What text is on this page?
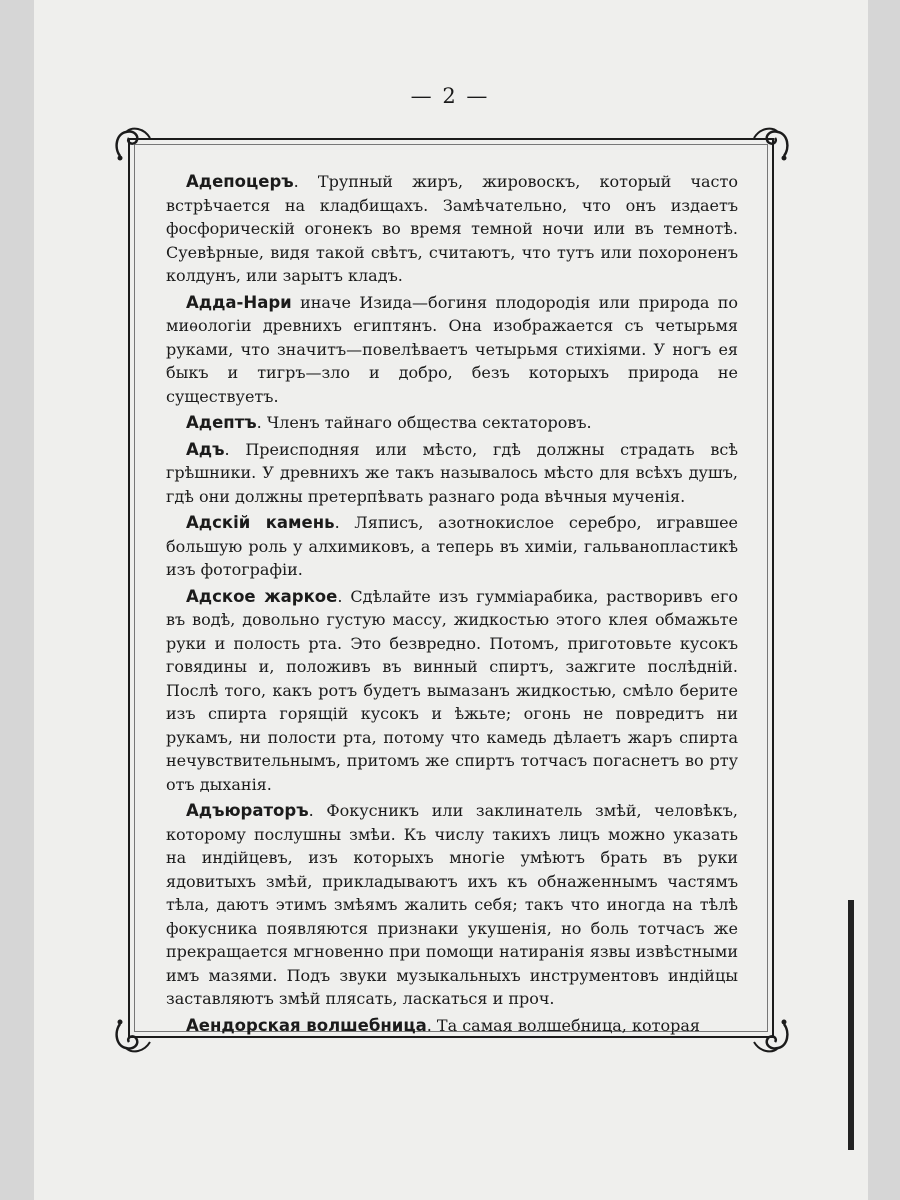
— 2 —

Адепоцеръ. Трупный жиръ, жировоскъ, который часто встрѣчается на кладбищахъ. Замѣчательно, что онъ издаетъ фосфорическій огонекъ во время темной ночи или въ темнотѣ. Суевѣрные, видя такой свѣтъ, считаютъ, что тутъ или похороненъ колдунъ, или зарытъ кладъ.

Адда-Нари иначе Изида—богиня плодородія или природа по миѳологіи древнихъ египтянъ. Она изображается съ четырьмя руками, что значитъ—повелѣваетъ четырьмя стихіями. У ногъ ея быкъ и тигръ—зло и добро, безъ которыхъ природа не существуетъ.

Адептъ. Членъ тайнаго общества сектаторовъ.

Адъ. Преисподняя или мѣсто, гдѣ должны страдать всѣ грѣшники. У древнихъ же такъ называлось мѣсто для всѣхъ душъ, гдѣ они должны претерпѣвать разнаго рода вѣчныя мученія.

Адскій камень. Ляписъ, азотнокислое серебро, игравшее большую роль у алхимиковъ, а теперь въ химіи, гальванопластикѣ изъ фотографіи.

Адское жаркое. Сдѣлайте изъ гумміарабика, растворивъ его въ водѣ, довольно густую массу, жидкостью этого клея обмажьте руки и полость рта. Это безвредно. Потомъ, приготовьте кусокъ говядины и, положивъ въ винный спиртъ, зажгите послѣдній. Послѣ того, какъ ротъ будетъ вымазанъ жидкостью, смѣло берите изъ спирта горящій кусокъ и ѣжьте; огонь не повредитъ ни рукамъ, ни полости рта, потому что камедь дѣлаетъ жаръ спирта нечувствительнымъ, притомъ же спиртъ тотчасъ погаснетъ во рту отъ дыханія.

Адъюраторъ. Фокусникъ или заклинатель змѣй, человѣкъ, которому послушны змѣи. Къ числу такихъ лицъ можно указать на индійцевъ, изъ которыхъ многіе умѣютъ брать въ руки ядовитыхъ змѣй, прикладываютъ ихъ къ обнаженнымъ частямъ тѣла, даютъ этимъ змѣямъ жалить себя; такъ что иногда на тѣлѣ фокусника появляются признаки укушенія, но боль тотчасъ же прекращается мгновенно при помощи натиранія язвы извѣстными имъ мазями. Подъ звуки музыкальныхъ инструментовъ индійцы заставляютъ змѣй плясать, ласкаться и проч.

Аендорская волшебница. Та самая волшебница, которая
